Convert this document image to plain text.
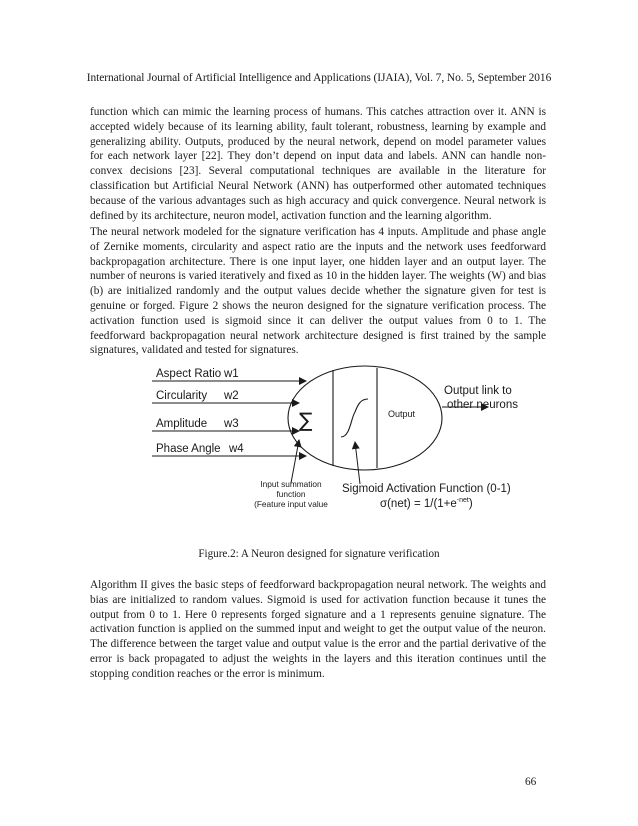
International Journal of Artificial Intelligence and Applications (IJAIA), Vol. 7, No. 5, September 2016

function which can mimic the learning process of humans. This catches attraction over it. ANN is accepted widely because of its learning ability, fault tolerant, robustness, learning by example and generalizing ability. Outputs, produced by the neural network, depend on model parameter values for each network layer [22]. They don’t depend on input data and labels. ANN can handle non-convex decisions [23]. Several computational techniques are available in the literature for classification but Artificial Neural Network (ANN) has outperformed other automated techniques because of the various advantages such as high accuracy and quick convergence. Neural network is defined by its architecture, neuron model, activation function and the learning algorithm.

The neural network modeled for the signature verification has 4 inputs. Amplitude and phase angle of Zernike moments, circularity and aspect ratio are the inputs and the network uses feedforward backpropagation architecture. There is one input layer, one hidden layer and an output layer. The number of neurons is varied iteratively and fixed as 10 in the hidden layer. The weights (W) and bias (b) are initialized randomly and the output values decide whether the signature given for test is genuine or forged. Figure 2 shows the neuron designed for the signature verification process. The activation function used is sigmoid since it can deliver the output values from 0 to 1. The feedforward backpropagation neural network architecture designed is first trained by the sample signatures, validated and tested for signatures.

Aspect Ratio w1
Circularity w2
Amplitude w3
Phase Angle w4
∑	Output
Output link to
other neurons
Input summation
function
(Feature input value
Sigmoid Activation Function (0-1)
$\sigma(net) = 1/(1+e^{-net})$
Figure.2: A Neuron designed for signature verification

Algorithm II gives the basic steps of feedforward backpropagation neural network. The weights and bias are initialized to random values. Sigmoid is used for activation function because it tunes the output from 0 to 1. Here 0 represents forged signature and a 1 represents genuine signature. The activation function is applied on the summed input and weight to get the output value of the neuron. The difference between the target value and output value is the error and the partial derivative of the error is back propagated to adjust the weights in the layers and this iteration continues until the stopping condition reaches or the error is minimum.

66
